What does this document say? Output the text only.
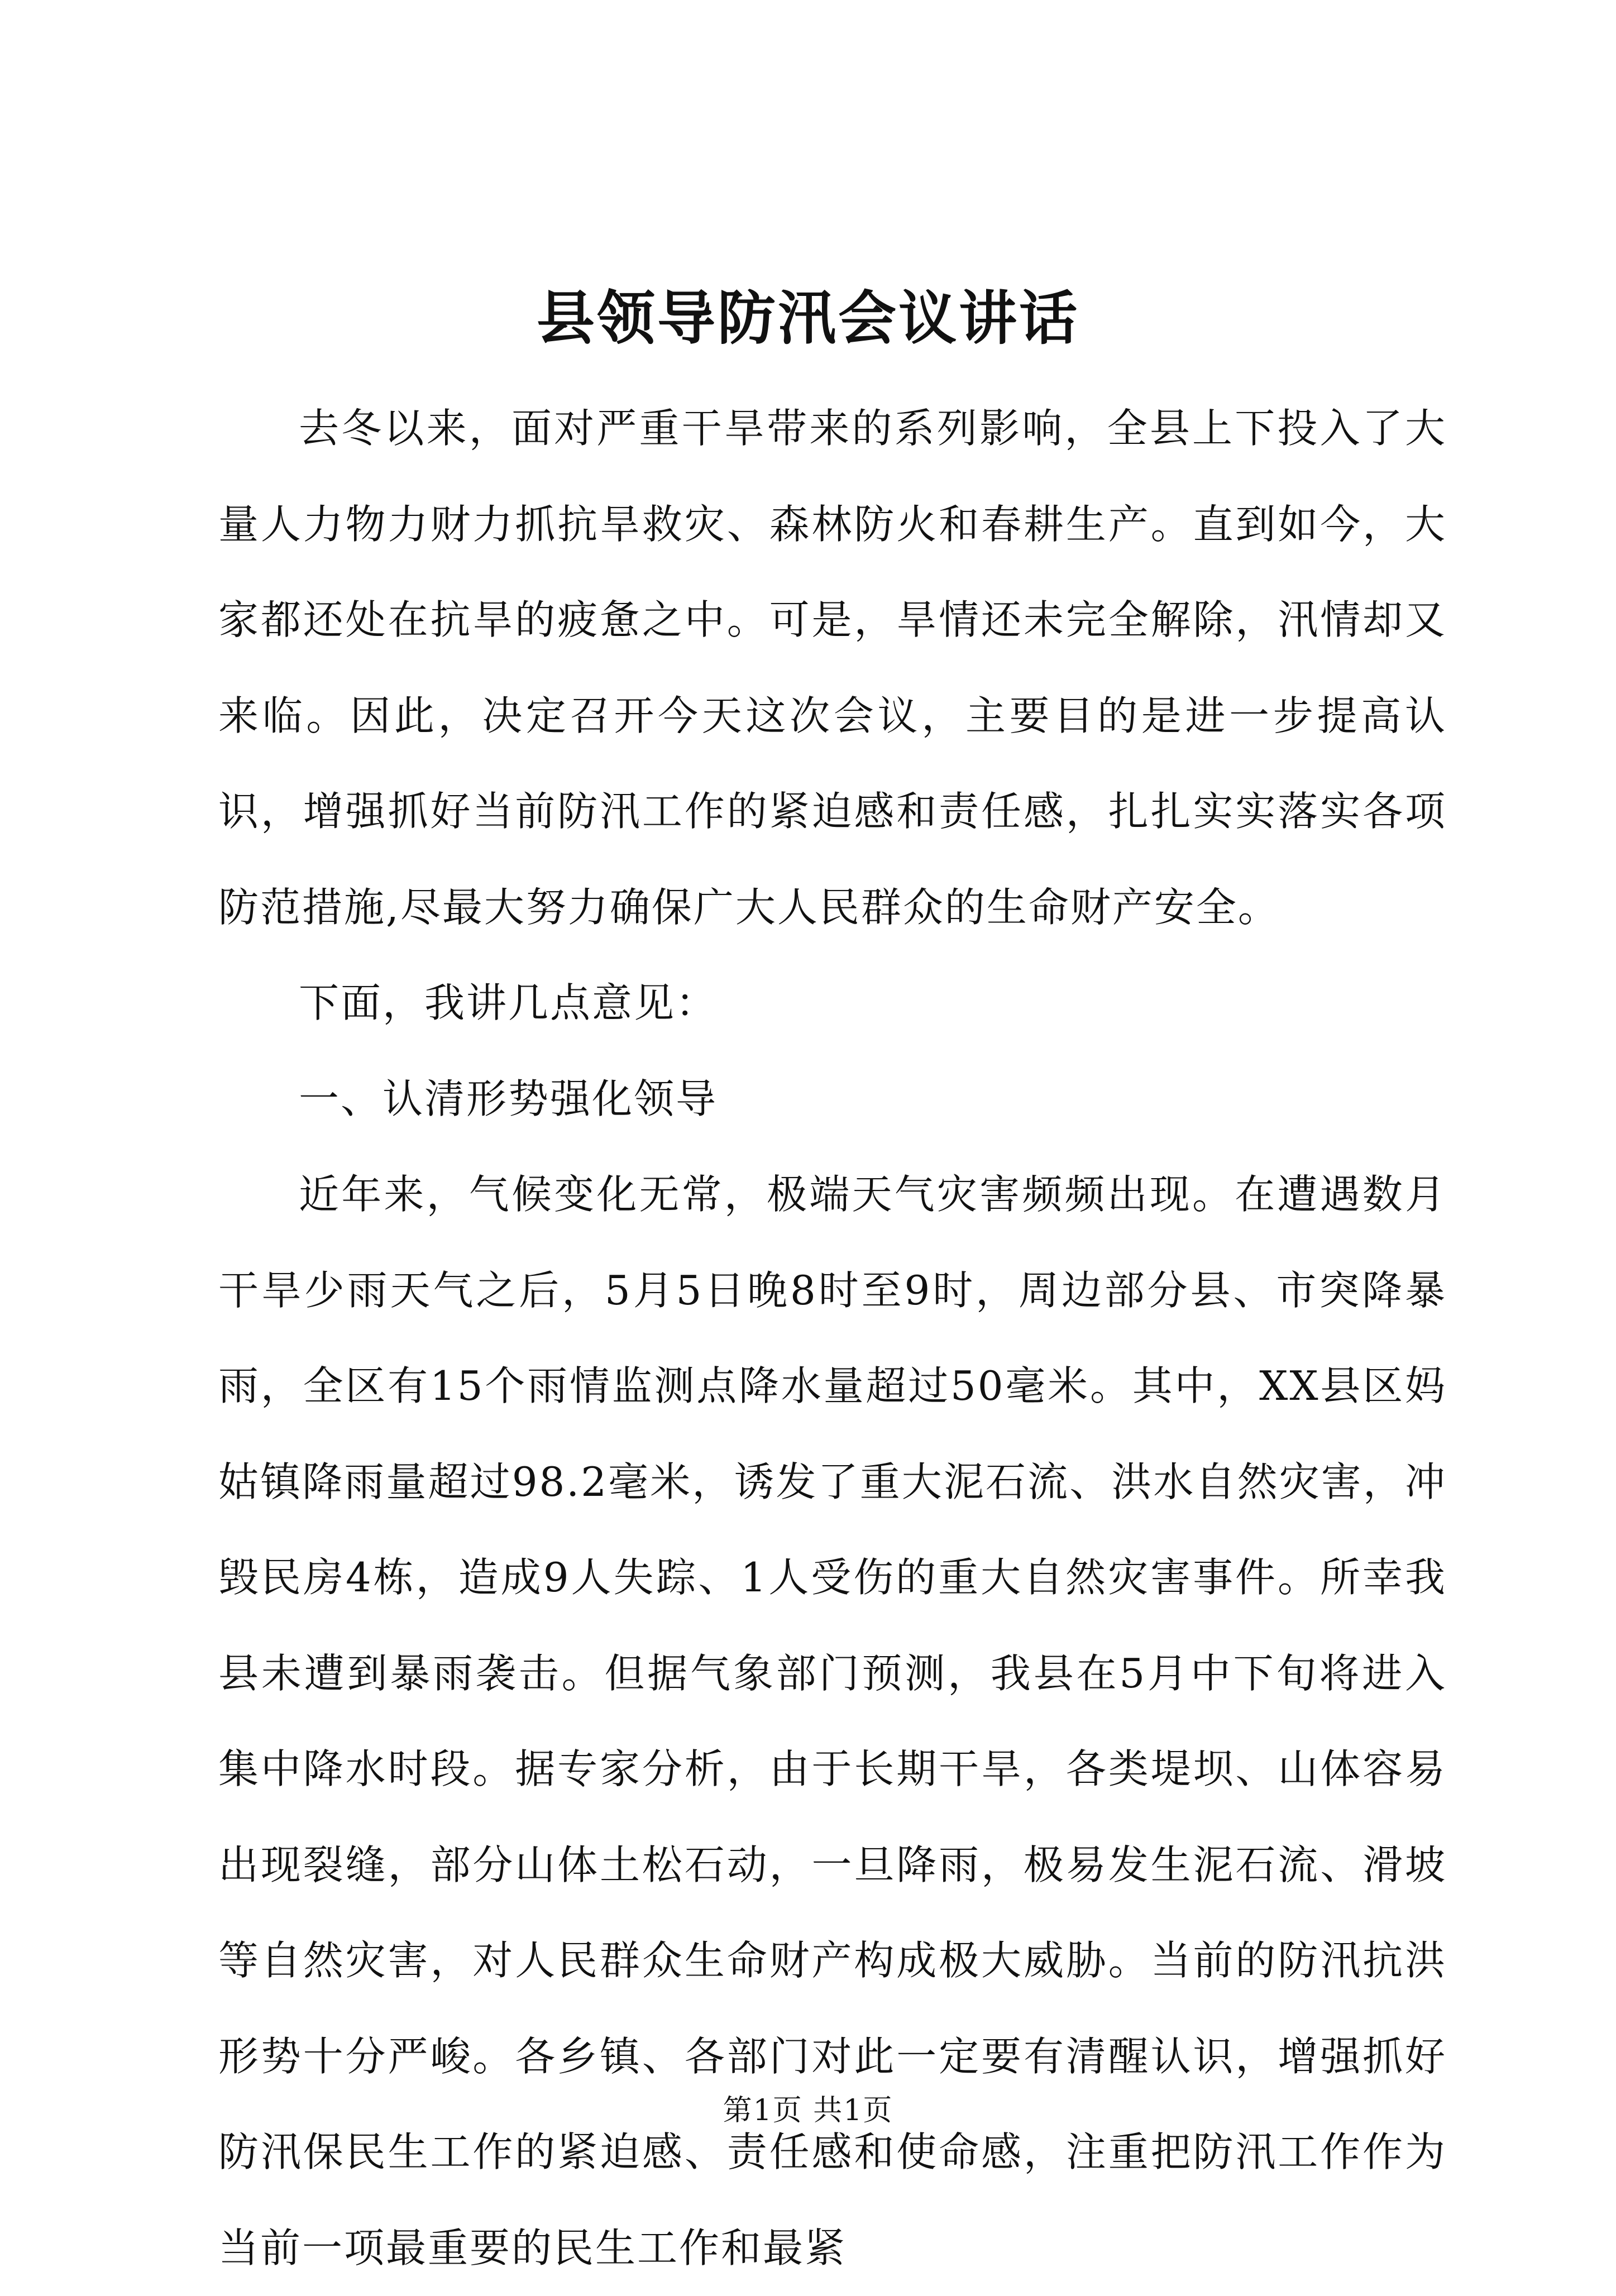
县领导防汛会议讲话

去冬以来，面对严重干旱带来的系列影响，全县上下投入了大量人力物力财力抓抗旱救灾、森林防火和春耕生产。直到如今，大家都还处在抗旱的疲惫之中。可是，旱情还未完全解除，汛情却又来临。因此，决定召开今天这次会议，主要目的是进一步提高认识，增强抓好当前防汛工作的紧迫感和责任感，扎扎实实落实各项防范措施,尽最大努力确保广大人民群众的生命财产安全。

下面，我讲几点意见：

一、认清形势强化领导

近年来，气候变化无常，极端天气灾害频频出现。在遭遇数月干旱少雨天气之后，5月5日晚8时至9时，周边部分县、市突降暴雨，全区有15个雨情监测点降水量超过50毫米。其中，XX县区妈姑镇降雨量超过98.2毫米，诱发了重大泥石流、洪水自然灾害，冲毁民房4栋，造成9人失踪、1人受伤的重大自然灾害事件。所幸我县未遭到暴雨袭击。但据气象部门预测，我县在5月中下旬将进入集中降水时段。据专家分析，由于长期干旱，各类堤坝、山体容易出现裂缝，部分山体土松石动，一旦降雨，极易发生泥石流、滑坡等自然灾害，对人民群众生命财产构成极大威胁。当前的防汛抗洪形势十分严峻。各乡镇、各部门对此一定要有清醒认识，增强抓好防汛保民生工作的紧迫感、责任感和使命感，注重把防汛工作作为当前一项最重要的民生工作和最紧

第1页 共1页
